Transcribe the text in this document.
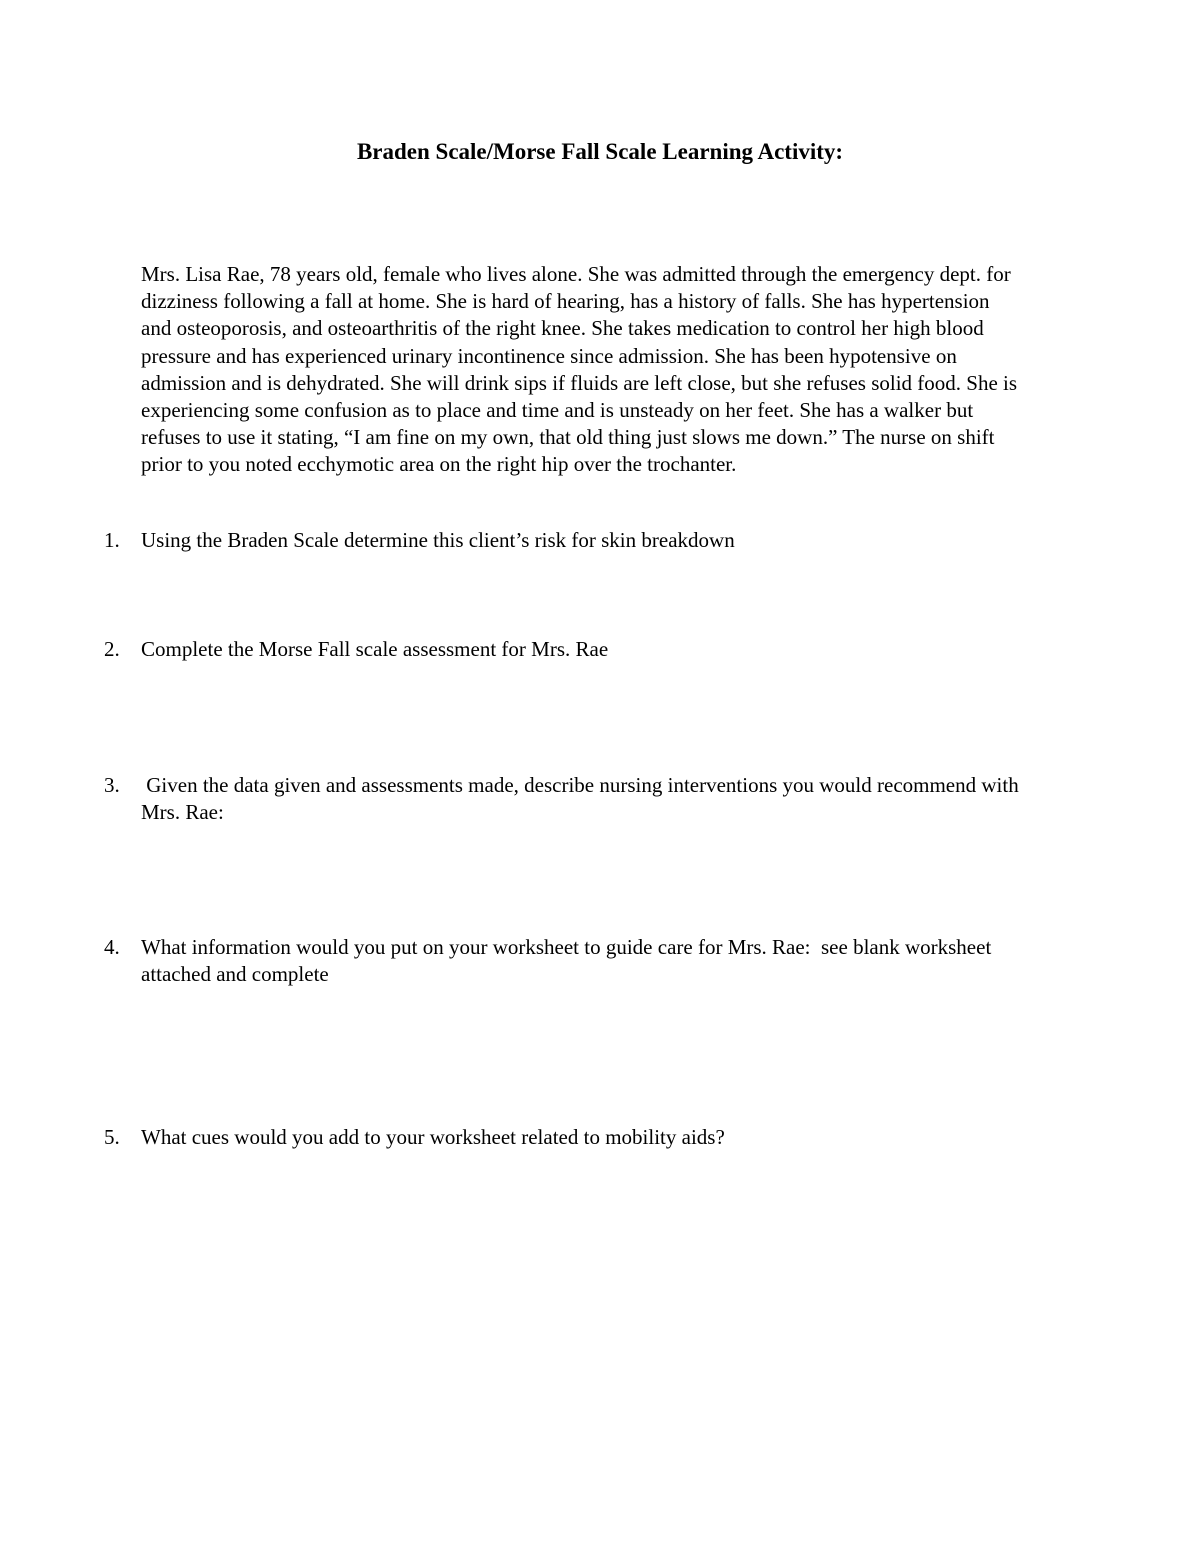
Braden Scale/Morse Fall Scale Learning Activity:

Mrs. Lisa Rae, 78 years old, female who lives alone. She was admitted through the emergency dept. for
dizziness following a fall at home. She is hard of hearing, has a history of falls. She has hypertension
and osteoporosis, and osteoarthritis of the right knee. She takes medication to control her high blood
pressure and has experienced urinary incontinence since admission. She has been hypotensive on
admission and is dehydrated. She will drink sips if fluids are left close, but she refuses solid food. She is
experiencing some confusion as to place and time and is unsteady on her feet. She has a walker but
refuses to use it stating, “I am fine on my own, that old thing just slows me down.” The nurse on shift
prior to you noted ecchymotic area on the right hip over the trochanter.

1. Using the Braden Scale determine this client’s risk for skin breakdown
2. Complete the Morse Fall scale assessment for Mrs. Rae
3. Given the data given and assessments made, describe nursing interventions you would recommend with
Mrs. Rae:
4. What information would you put on your worksheet to guide care for Mrs. Rae:  see blank worksheet
attached and complete
5. What cues would you add to your worksheet related to mobility aids?
